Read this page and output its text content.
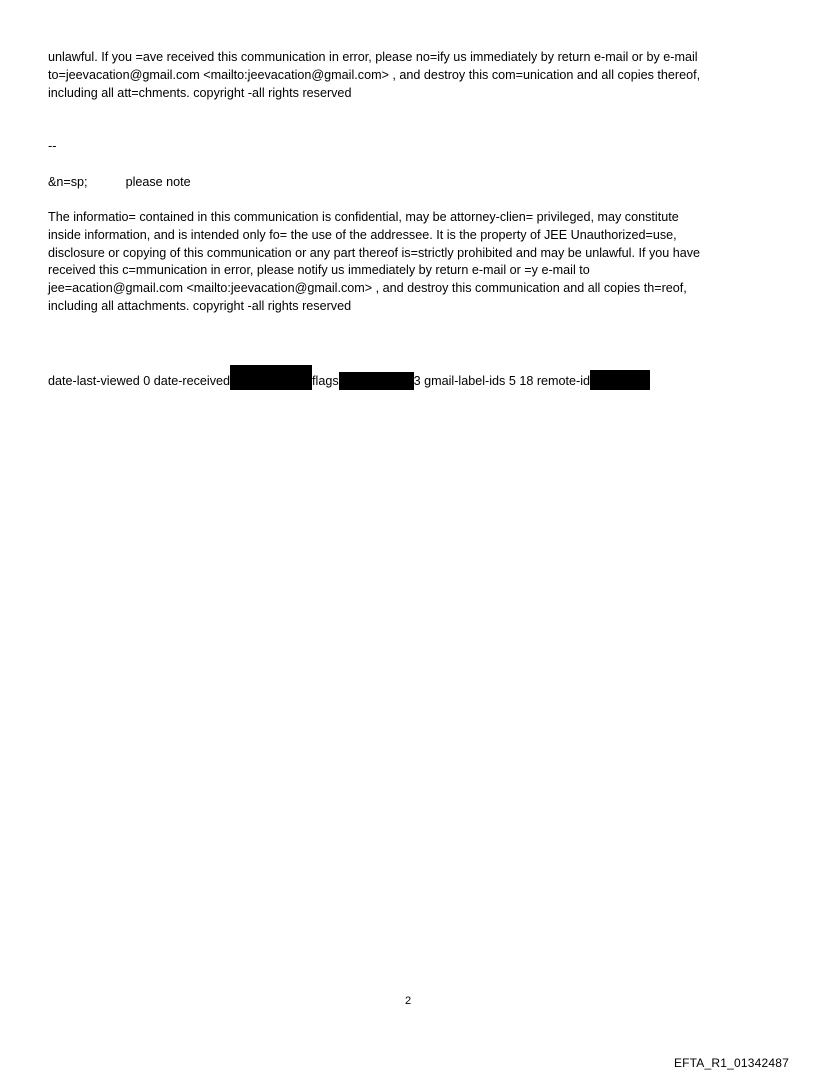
unlawful. If you =ave received this communication in error, please no=ify us immediately by return e-mail or by e-mail
to=jeevacation@gmail.com <mailto:jeevacation@gmail.com> , and destroy this com=unication and all copies thereof,
including all att=chments. copyright -all rights reserved

--

&n=sp;	please note

The informatio= contained in this communication is confidential, may be attorney-clien= privileged, may constitute
inside information, and is intended only fo= the use of the addressee. It is the property of JEE Unauthorized=use,
disclosure or copying of this communication or any part thereof is=strictly prohibited and may be unlawful. If you have
received this c=mmunication in error, please notify us immediately by return e-mail or =y e-mail to
jee=acation@gmail.com <mailto:jeevacation@gmail.com> , and destroy this communication and all copies th=reof,
including all attachments. copyright -all rights reserved

date-last-viewed 0 date-received	flags	3 gmail-label-ids 5 18 remote-id

2
EFTA_R1_01342487
